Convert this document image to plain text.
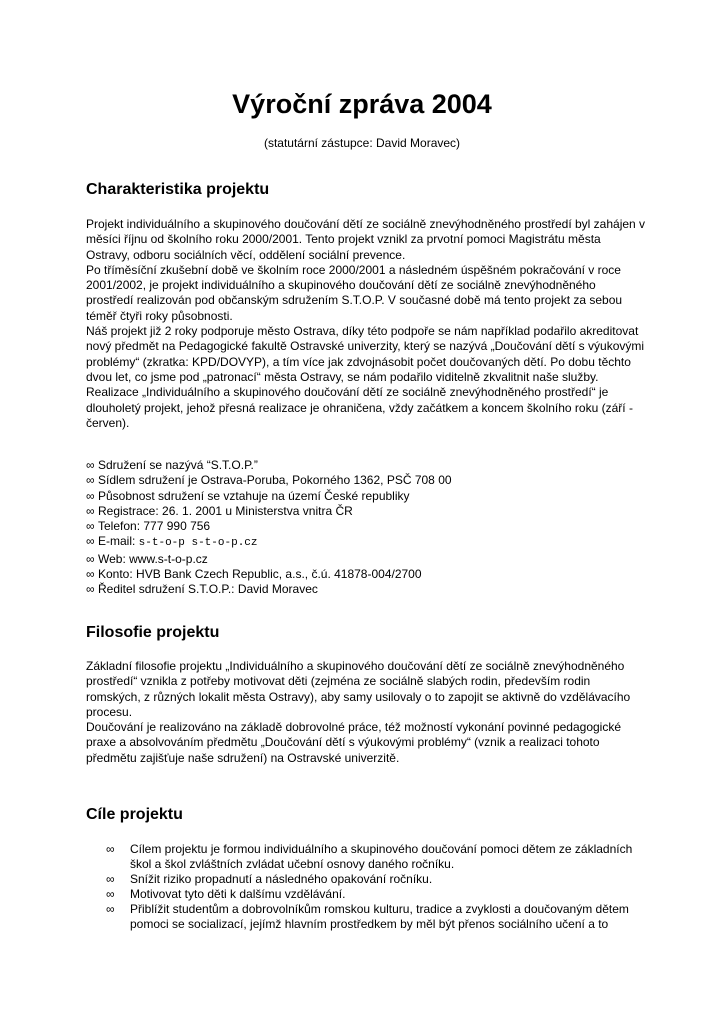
Výroční zpráva 2004
(statutární zástupce: David Moravec)
Charakteristika projektu

Projekt individuálního a skupinového doučování dětí ze sociálně znevýhodněného prostředí byl zahájen v měsíci říjnu od školního roku 2000/2001. Tento projekt vznikl za prvotní pomoci Magistrátu města Ostravy, odboru sociálních věcí, oddělení sociální prevence.

Po tříměsíční zkušební době ve školním roce 2000/2001 a následném úspěšném pokračování v roce 2001/2002, je projekt individuálního a skupinového doučování dětí ze sociálně znevýhodněného prostředí realizován pod občanským sdružením S.T.O.P. V současné době má tento projekt za sebou téměř čtyři roky působnosti.

Náš projekt již 2 roky podporuje město Ostrava, díky této podpoře se nám například podařilo akreditovat nový předmět na Pedagogické fakultě Ostravské univerzity, který se nazývá „Doučování dětí s výukovými problémy“ (zkratka: KPD/DOVYP), a tím více jak zdvojnásobit počet doučovaných dětí. Po dobu těchto dvou let, co jsme pod „patronací“ města Ostravy, se nám podařilo viditelně zkvalitnit naše služby.

Realizace „Individuálního a skupinového doučování dětí ze sociálně znevýhodněného prostředí“ je dlouholetý projekt, jehož přesná realizace je ohraničena, vždy začátkem a koncem školního roku (září - červen).

∞ Sdružení se nazývá “S.T.O.P.”
∞ Sídlem sdružení je Ostrava-Poruba, Pokorného 1362, PSČ 708 00
∞ Působnost sdružení se vztahuje na území České republiky
∞ Registrace: 26. 1. 2001 u Ministerstva vnitra ČR
∞ Telefon: 777 990 756
∞ E-mail: s-t-o-p s-t-o-p.cz
∞ Web: www.s-t-o-p.cz
∞ Konto: HVB Bank Czech Republic, a.s., č.ú. 41878-004/2700
∞ Ředitel sdružení S.T.O.P.: David Moravec
Filosofie projektu

Základní filosofie projektu „Individuálního a skupinového doučování dětí ze sociálně znevýhodněného prostředí“ vznikla z potřeby motivovat děti (zejména ze sociálně slabých rodin, především rodin romských, z různých lokalit města Ostravy), aby samy usilovaly o to zapojit se aktivně do vzdělávacího procesu.

Doučování je realizováno na základě dobrovolné práce, též možností vykonání povinné pedagogické praxe a absolvováním předmětu „Doučování dětí s výukovými problémy“ (vznik a realizaci tohoto předmětu zajišťuje naše sdružení) na Ostravské univerzitě.

Cíle projektu
∞ Cílem projektu je formou individuálního a skupinového doučování pomoci dětem ze základních škol a škol zvláštních zvládat učební osnovy daného ročníku.
∞ Snížit riziko propadnutí a následného opakování ročníku.
∞ Motivovat tyto děti k dalšímu vzdělávání.
∞ Přiblížit studentům a dobrovolníkům romskou kulturu, tradice a zvyklosti a doučovaným dětem pomoci se socializací, jejímž hlavním prostředkem by měl být přenos sociálního učení a to
